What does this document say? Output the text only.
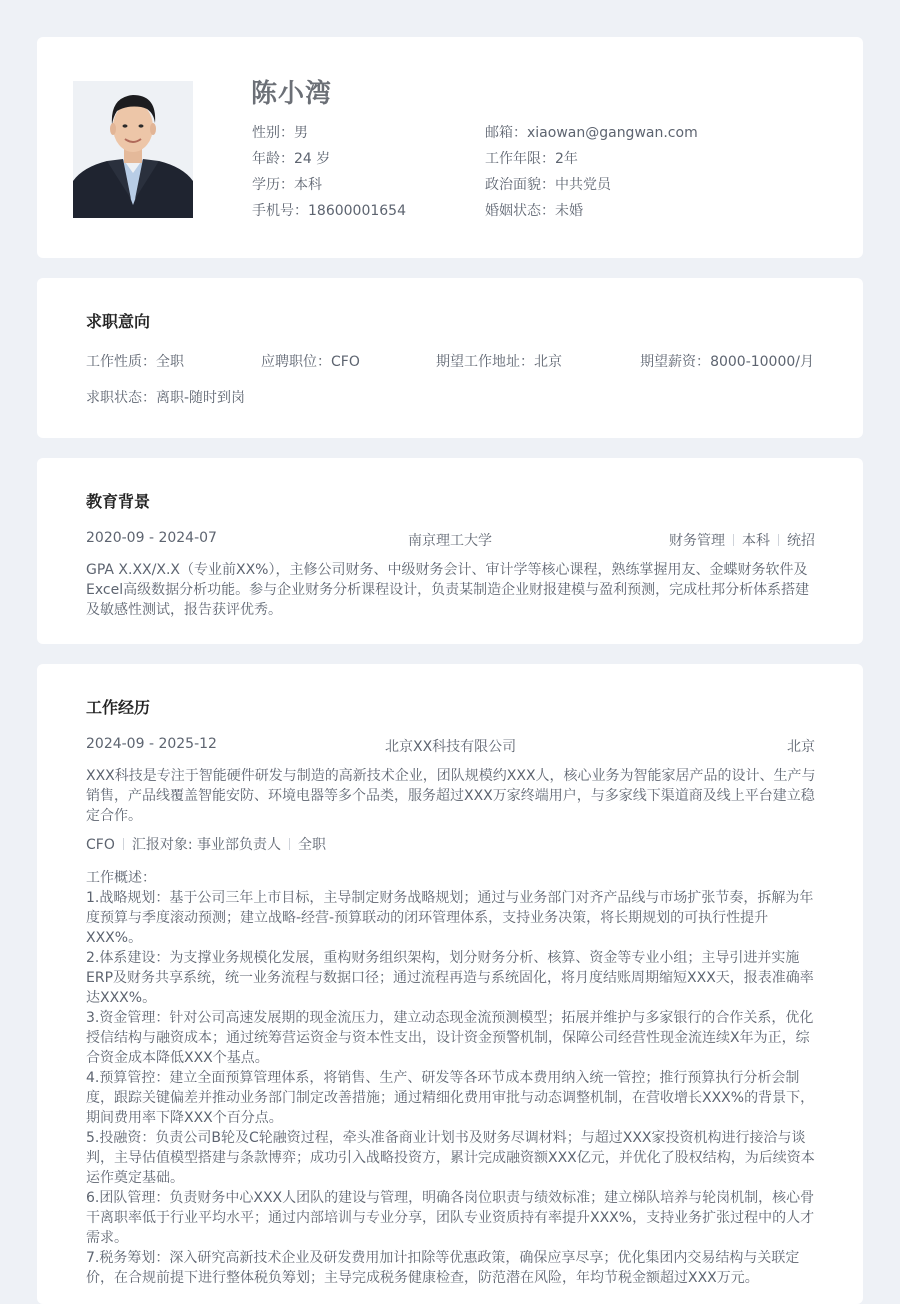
陈小湾
性别：男
年龄：24 岁
学历：本科
手机号：18600001654
邮箱：xiaowan@gangwan.com
工作年限：2年
政治面貌：中共党员
婚姻状态：未婚
求职意向
工作性质：全职	应聘职位：CFO	期望工作地址：北京	期望薪资：8000-10000/月
求职状态：离职-随时到岗
教育背景
2020-09 - 2024-07	南京理工大学	财务管理 本科 统招
GPA X.XX/X.X（专业前XX%），主修公司财务、中级财务会计、审计学等核心课程，熟练掌握用友、金蝶财务软件及Excel高级数据分析功能。参与企业财务分析课程设计，负责某制造企业财报建模与盈利预测，完成杜邦分析体系搭建及敏感性测试，报告获评优秀。
工作经历
2024-09 - 2025-12	北京XX科技有限公司	北京
XXX科技是专注于智能硬件研发与制造的高新技术企业，团队规模约XXX人，核心业务为智能家居产品的设计、生产与销售，产品线覆盖智能安防、环境电器等多个品类，服务超过XXX万家终端用户，与多家线下渠道商及线上平台建立稳定合作。
CFO 汇报对象: 事业部负责人 全职
工作概述：
1.战略规划：基于公司三年上市目标，主导制定财务战略规划；通过与业务部门对齐产品线与市场扩张节奏，拆解为年度预算与季度滚动预测；建立战略-经营-预算联动的闭环管理体系，支持业务决策，将长期规划的可执行性提升XXX%。
2.体系建设：为支撑业务规模化发展，重构财务组织架构，划分财务分析、核算、资金等专业小组；主导引进并实施ERP及财务共享系统，统一业务流程与数据口径；通过流程再造与系统固化，将月度结账周期缩短XXX天，报表准确率达XXX%。
3.资金管理：针对公司高速发展期的现金流压力，建立动态现金流预测模型；拓展并维护与多家银行的合作关系，优化授信结构与融资成本；通过统筹营运资金与资本性支出，设计资金预警机制，保障公司经营性现金流连续X年为正，综合资金成本降低XXX个基点。
4.预算管控：建立全面预算管理体系，将销售、生产、研发等各环节成本费用纳入统一管控；推行预算执行分析会制度，跟踪关键偏差并推动业务部门制定改善措施；通过精细化费用审批与动态调整机制，在营收增长XXX%的背景下，期间费用率下降XXX个百分点。
5.投融资：负责公司B轮及C轮融资过程，牵头准备商业计划书及财务尽调材料；与超过XXX家投资机构进行接洽与谈判，主导估值模型搭建与条款博弈；成功引入战略投资方，累计完成融资额XXX亿元，并优化了股权结构，为后续资本运作奠定基础。
6.团队管理：负责财务中心XXX人团队的建设与管理，明确各岗位职责与绩效标准；建立梯队培养与轮岗机制，核心骨干离职率低于行业平均水平；通过内部培训与专业分享，团队专业资质持有率提升XXX%，支持业务扩张过程中的人才需求。
7.税务筹划：深入研究高新技术企业及研发费用加计扣除等优惠政策，确保应享尽享；优化集团内交易结构与关联定价，在合规前提下进行整体税负筹划；主导完成税务健康检查，防范潜在风险，年均节税金额超过XXX万元。
